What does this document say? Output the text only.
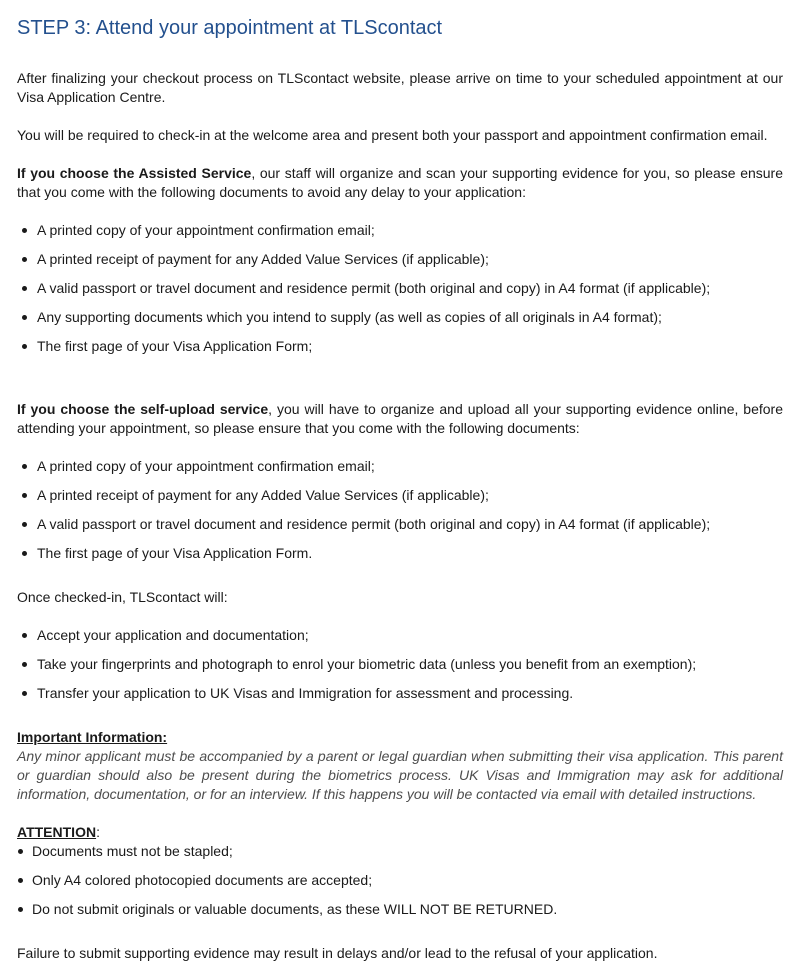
STEP 3: Attend your appointment at TLScontact

After finalizing your checkout process on TLScontact website, please arrive on time to your scheduled appointment at our Visa Application Centre.

You will be required to check-in at the welcome area and present both your passport and appointment confirmation email.

If you choose the Assisted Service, our staff will organize and scan your supporting evidence for you, so please ensure that you come with the following documents to avoid any delay to your application:

A printed copy of your appointment confirmation email;
A printed receipt of payment for any Added Value Services (if applicable);
A valid passport or travel document and residence permit (both original and copy) in A4 format (if applicable);
Any supporting documents which you intend to supply (as well as copies of all originals in A4 format);
The first page of your Visa Application Form;

If you choose the self-upload service, you will have to organize and upload all your supporting evidence online, before attending your appointment, so please ensure that you come with the following documents:

A printed copy of your appointment confirmation email;
A printed receipt of payment for any Added Value Services (if applicable);
A valid passport or travel document and residence permit (both original and copy) in A4 format (if applicable);
The first page of your Visa Application Form.

Once checked-in, TLScontact will:

Accept your application and documentation;
Take your fingerprints and photograph to enrol your biometric data (unless you benefit from an exemption);
Transfer your application to UK Visas and Immigration for assessment and processing.
Important Information:

Any minor applicant must be accompanied by a parent or legal guardian when submitting their visa application. This parent or guardian should also be present during the biometrics process. UK Visas and Immigration may ask for additional information, documentation, or for an interview. If this happens you will be contacted via email with detailed instructions.

ATTENTION:
Documents must not be stapled;
Only A4 colored photocopied documents are accepted;
Do not submit originals or valuable documents, as these WILL NOT BE RETURNED.

Failure to submit supporting evidence may result in delays and/or lead to the refusal of your application.
